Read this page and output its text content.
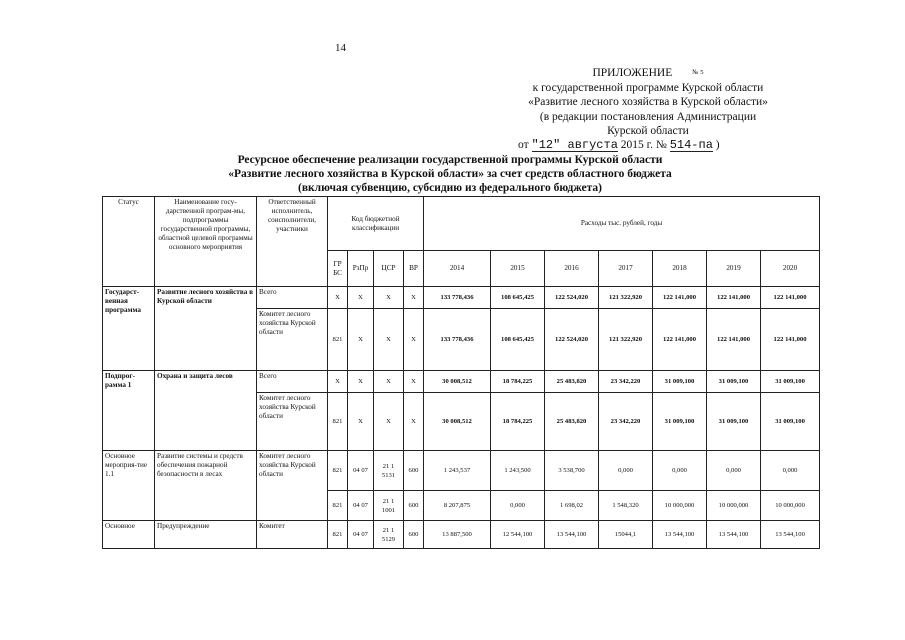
14
ПРИЛОЖЕНИЕ	№ 5
к государственной программе Курской области
«Развитие лесного хозяйства в Курской области»
(в редакции постановления Администрации
Курской области
от "12" августа 2015 г. № 514-па )
Ресурсное обеспечение реализации государственной программы Курской области
«Развитие лесного хозяйства в Курской области» за счет средств областного бюджета
(включая субвенцию, субсидию из федерального бюджета)
Статус	Наименование госу-дарственной програм-мы, подпрограммы государственной программы, областной целевой программы основного мероприятия	Ответственный исполнитель, соисполнители, участники	Код бюджетной классификации				Расходы тыс. рублей, годы						
			ГР БС	РзПр	ЦСР	ВР	2014	2015	2016	2017	2018	2019	2020
Государст-венная программа	Развитие лесного хозяйства в Курской области	Всего	Х	Х	Х	Х	133 778,436	108 645,425	122 524,020	121 322,920	122 141,000	122 141,000	122 141,000
		Комитет лесного хозяйства Курской области	821	Х	Х	Х	133 778,436	108 645,425	122 524,020	121 322,920	122 141,000	122 141,000	122 141,000
Подпрог-рамма 1	Охрана и защита лесов	Всего	Х	Х	Х	Х	30 008,512	18 784,225	25 483,820	23 342,220	31 009,100	31 009,100	31 009,100
		Комитет лесного хозяйства Курской области	821	Х	Х	Х	30 008,512	18 784,225	25 483,820	23 342,220	31 009,100	31 009,100	31 009,100
Основное мероприя-тие 1.1	Развитие системы и средств обеспечения пожарной безопасности в лесах	Комитет лесного хозяйства Курской области	821	04 07	21 1 5131	600	1 243,537	1 243,500	3 538,700	0,000	0,000	0,000	0,000
			821	04 07	21 1 1001	600	8 207,875	0,000	1 698,02	1 548,320	10 000,000	10 000,000	10 000,000
Основное	Предупреждение	Комитет	821	04 07	21 1 5129	600	13 887,500	12 544,100	13 544,100	15044,1	13 544,100	13 544,100	13 544,100
